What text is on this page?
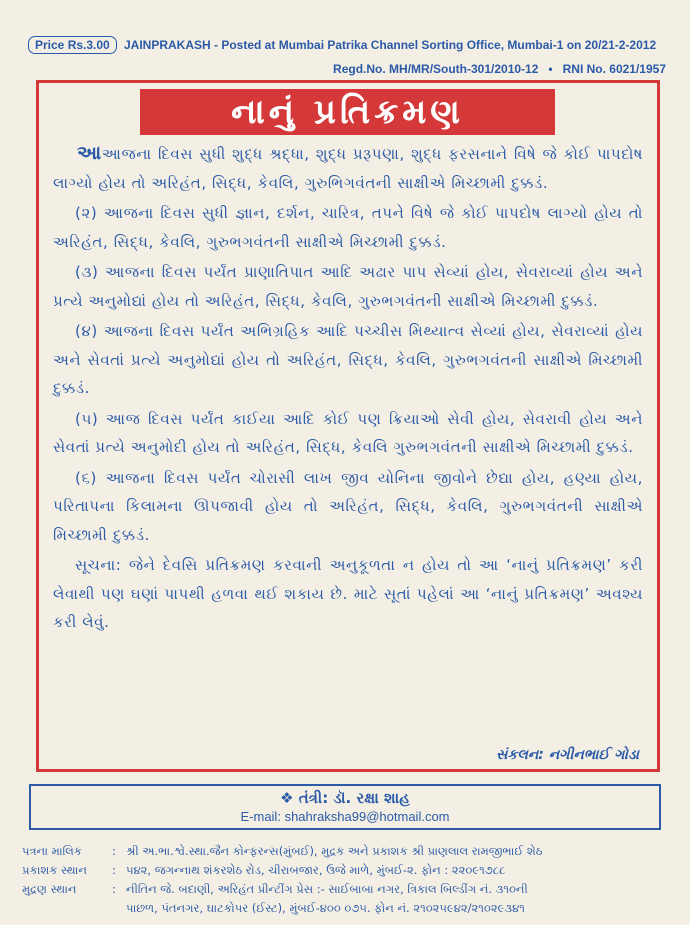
Price Rs.3.00	JAINPRAKASH - Posted at Mumbai Patrika Channel Sorting Office, Mumbai-1 on 20/21-2-2012
Regd.No. MH/MR/South-301/2010-12 • RNI No. 6021/1957
નાનું પ્રતિક્રમણ

આઆજના દિવસ સુધી શુદ્ધ શ્રદ્ધા, શુદ્ધ પ્રરૂપણા, શુદ્ધ ફરસનાને વિષે જે કોઈ પાપદોષ લાગ્યો હોય તો અરિહંત, સિદ્ધ, કેવલિ, ગુરુભિગવંતની સાક્ષીએ મિચ્છામી દુક્કડં.

(૨) આજના દિવસ સુધી જ્ઞાન, દર્શન, ચારિત્ર, તપને વિષે જે કોઈ પાપદોષ લાગ્યો હોય તો અરિહંત, સિદ્ધ, કેવલિ, ગુરુભગવંતની સાક્ષીએ મિચ્છામી દુક્કડં.

(૩) આજના દિવસ પર્યંત પ્રાણાતિપાત આદિ અઢાર પાપ સેવ્યાં હોય, સેવરાવ્યાં હોય અને પ્રત્યે અનુમોદ્યાં હોય તો અરિહંત, સિદ્ધ, કેવલિ, ગુરુભગવંતની સાક્ષીએ મિચ્છામી દુક્કડં.

(૪) આજના દિવસ પર્યંત અભિગ્રહિક આદિ પચ્ચીસ મિથ્યાત્વ સેવ્યાં હોય, સેવરાવ્યાં હોય અને સેવતાં પ્રત્યે અનુમોદ્યાં હોય તો અરિહંત, સિદ્ધ, કેવલિ, ગુરુભગવંતની સાક્ષીએ મિચ્છામી દુક્કડં.

(૫) આજ દિવસ પર્યંત કાઈયા આદિ કોઈ પણ ક્રિયાઓ સેવી હોય, સેવરાવી હોય અને સેવતાં પ્રત્યે અનુમોદી હોય તો અરિહંત, સિદ્ધ, કેવલિ ગુરુભગવંતની સાક્ષીએ મિચ્છામી દુક્કડં.

(૬) આજના દિવસ પર્યંત ચોરાસી લાખ જીવ યોનિના જીવોને છેદ્યા હોય, હણ્યા હોય, પરિતાપના કિલામના ઊપજાવી હોય તો અરિહંત, સિદ્ધ, કેવલિ, ગુરુભગવંતની સાક્ષીએ મિચ્છામી દુક્કડં.

સૂચના: જેને દેવસિ પ્રતિક્રમણ કરવાની અનુકૂળતા ન હોય તો આ ‘નાનું પ્રતિક્રમણ’ કરી લેવાથી પણ ઘણાં પાપથી હળવા થઈ શકાય છે. માટે સૂતાં પહેલાં આ ‘નાનું પ્રતિક્રમણ’ અવશ્ય કરી લેવું.

સંકલન: નગીનભાઈ ગોડા
❖ તંત્રી: ડૉ. રક્ષા શાહ
E-mail: shahraksha99@hotmail.com
પત્રના માલિક	: શ્રી અ.ભા.શ્વે.સ્થા.જૈન કોન્ફરન્સ(મુંબઈ), મુદ્રક અને પ્રકાશક શ્રી પ્રાણલાલ રામજીભાઈ શેઠ
પ્રકાશક સ્થાન	: ૫૪૨, જગન્નાથ શંકરશેઠ રોડ, ચીરાબજાર, ઉજે માળે, મુંબઈ-૨. ફોન : ૨૨૦૯૧૭૮૮
મુદ્રણ સ્થાન	: નીતિન જે. બદાણી, અરિહંત પ્રીન્ટીંગ પ્રેસ :- સાઈબાબા નગર, ત્રિકાલ બિલ્ડીંગ નં. ૩૧૦ની
પાછળ, પંતનગર, ઘાટકોપર (ઈસ્ટ), મુંબઈ-૪૦૦ ૦૭૫. ફોન નં. ૨૧૦૨૫૯૪૨/૨૧૦૨૯૩૪૧
